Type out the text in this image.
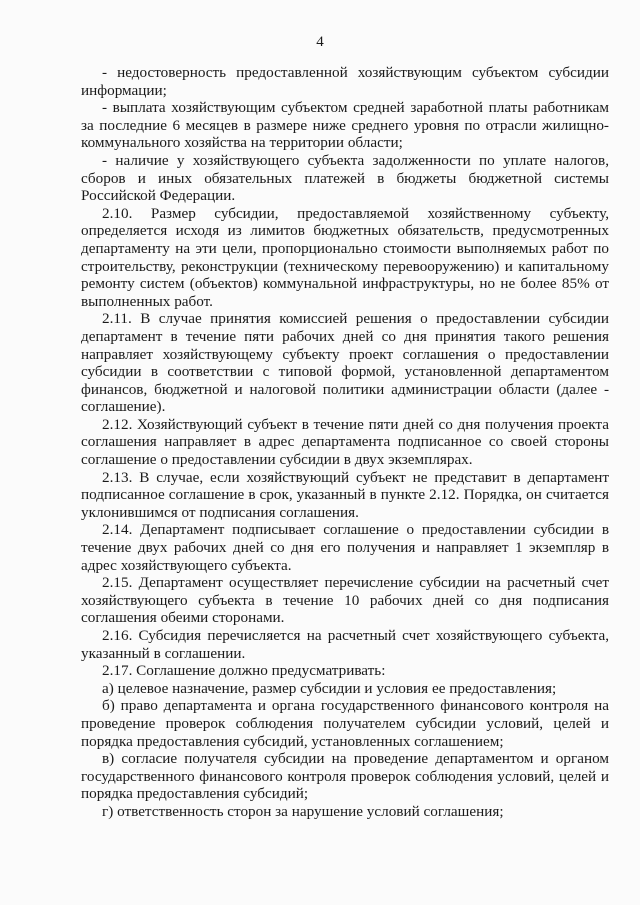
4

- недостоверность предоставленной хозяйствующим субъектом субсидии информации;

- выплата хозяйствующим субъектом средней заработной платы работникам за последние 6 месяцев в размере ниже среднего уровня по отрасли жилищно-коммунального хозяйства на территории области;

- наличие у хозяйствующего субъекта задолженности по уплате налогов, сборов и иных обязательных платежей в бюджеты бюджетной системы Российской Федерации.

2.10. Размер субсидии, предоставляемой хозяйственному субъекту, определяется исходя из лимитов бюджетных обязательств, предусмотренных департаменту на эти цели, пропорционально стоимости выполняемых работ по строительству, реконструкции (техническому перевооружению) и капитальному ремонту систем (объектов) коммунальной инфраструктуры, но не более 85% от выполненных работ.

2.11. В случае принятия комиссией решения о предоставлении субсидии департамент в течение пяти рабочих дней со дня принятия такого решения направляет хозяйствующему субъекту проект соглашения о предоставлении субсидии в соответствии с типовой формой, установленной департаментом финансов, бюджетной и налоговой политики администрации области (далее - соглашение).

2.12. Хозяйствующий субъект в течение пяти дней со дня получения проекта соглашения направляет в адрес департамента подписанное со своей стороны соглашение о предоставлении субсидии в двух экземплярах.

2.13. В случае, если хозяйствующий субъект не представит в департамент подписанное соглашение в срок, указанный в пункте 2.12. Порядка, он считается уклонившимся от подписания соглашения.

2.14. Департамент подписывает соглашение о предоставлении субсидии в течение двух рабочих дней со дня его получения и направляет 1 экземпляр в адрес хозяйствующего субъекта.

2.15. Департамент осуществляет перечисление субсидии на расчетный счет хозяйствующего субъекта в течение 10 рабочих дней со дня подписания соглашения обеими сторонами.

2.16. Субсидия перечисляется на расчетный счет хозяйствующего субъекта, указанный в соглашении.

2.17. Соглашение должно предусматривать:

а) целевое назначение, размер субсидии и условия ее предоставления;

б) право департамента и органа государственного финансового контроля на проведение проверок соблюдения получателем субсидии условий, целей и порядка предоставления субсидий, установленных соглашением;

в) согласие получателя субсидии на проведение департаментом и органом государственного финансового контроля проверок соблюдения условий, целей и порядка предоставления субсидий;

г) ответственность сторон за нарушение условий соглашения;
